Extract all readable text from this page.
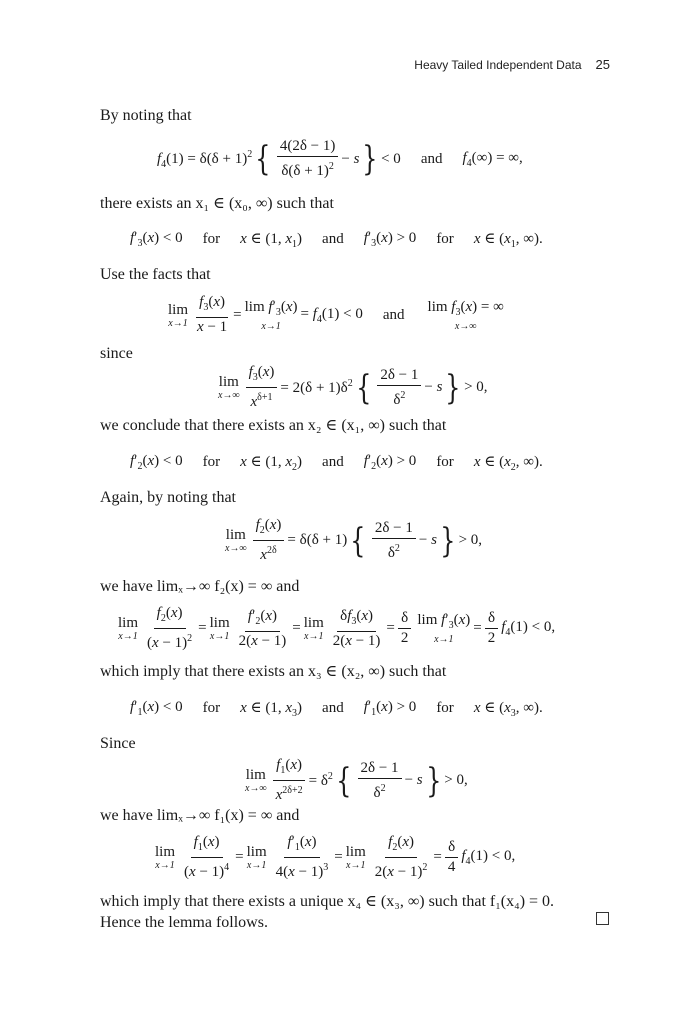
Heavy Tailed Independent Data 25
By noting that
$f_4(1) = \delta(\delta + 1)^2$ { $\frac{4(2\delta - 1)}{\delta(\delta + 1)^2} - s$ } < 0 and $f_4(\infty)$ = ∞,
there exists an x₁ ∈ (x₀, ∞) such that
$f'_3(x) < 0$ for x ∈ (1, $x_1$) and $f'_3(x) > 0$ for x ∈ ($x_1$, ∞).
Use the facts that
lim
$x\to 1 \frac{f_3(x)}{x - 1} = \lim f'_3(x)$
x→1
= $f_4(1) < 0$ and $\lim f_3(x)$ = ∞
x→∞
since
lim
$x\to\infty \frac{f_3(x)}{x^{\delta+1}} = 2(\delta + 1)\delta^2$ { $\frac{2\delta - 1}{\delta^2} - s$ } > 0,
we conclude that there exists an x₂ ∈ (x₁, ∞) such that
$f'_2(x) < 0$ for x ∈ (1, $x_2$) and $f'_2(x) > 0$ for x ∈ ($x_2$, ∞).
Again, by noting that
lim
$x\to\infty \frac{f_2(x)}{x^{2\delta}} = \delta(\delta + 1)$ { $\frac{2\delta - 1}{\delta^2} - s$ } > 0,
we have limₓ→∞ f₂(x) = ∞ and
lim
$x\to 1 \frac{f_2(x)}{(x - 1)^2} = \lim$
$x\to 1 \frac{f'_2(x)}{2(x - 1)} = \lim$
$x\to 1 \frac{\delta f_3(x)}{2(x - 1)} = \frac{\delta}{2}$ $\lim f'_3(x)$
x→1
= $\frac{\delta}{2} f_4(1) < 0$,
which imply that there exists an x₃ ∈ (x₂, ∞) such that
$f'_1(x) < 0$ for x ∈ (1, $x_3$) and $f'_1(x) > 0$ for x ∈ ($x_3$, ∞).
Since
lim
$x\to\infty \frac{f_1(x)}{x^{2\delta+2}} = \delta^2$ { $\frac{2\delta - 1}{\delta^2} - s$ } > 0,
we have limₓ→∞ f₁(x) = ∞ and
lim
$x\to 1 \frac{f_1(x)}{(x - 1)^4} = \lim$
$x\to 1 \frac{f'_1(x)}{4(x - 1)^3} = \lim$
$x\to 1 \frac{f_2(x)}{2(x - 1)^2} = \frac{\delta}{4} f_4(1) < 0$,
which imply that there exists a unique x₄ ∈ (x₃, ∞) such that f₁(x₄) = 0.
Hence the lemma follows.
